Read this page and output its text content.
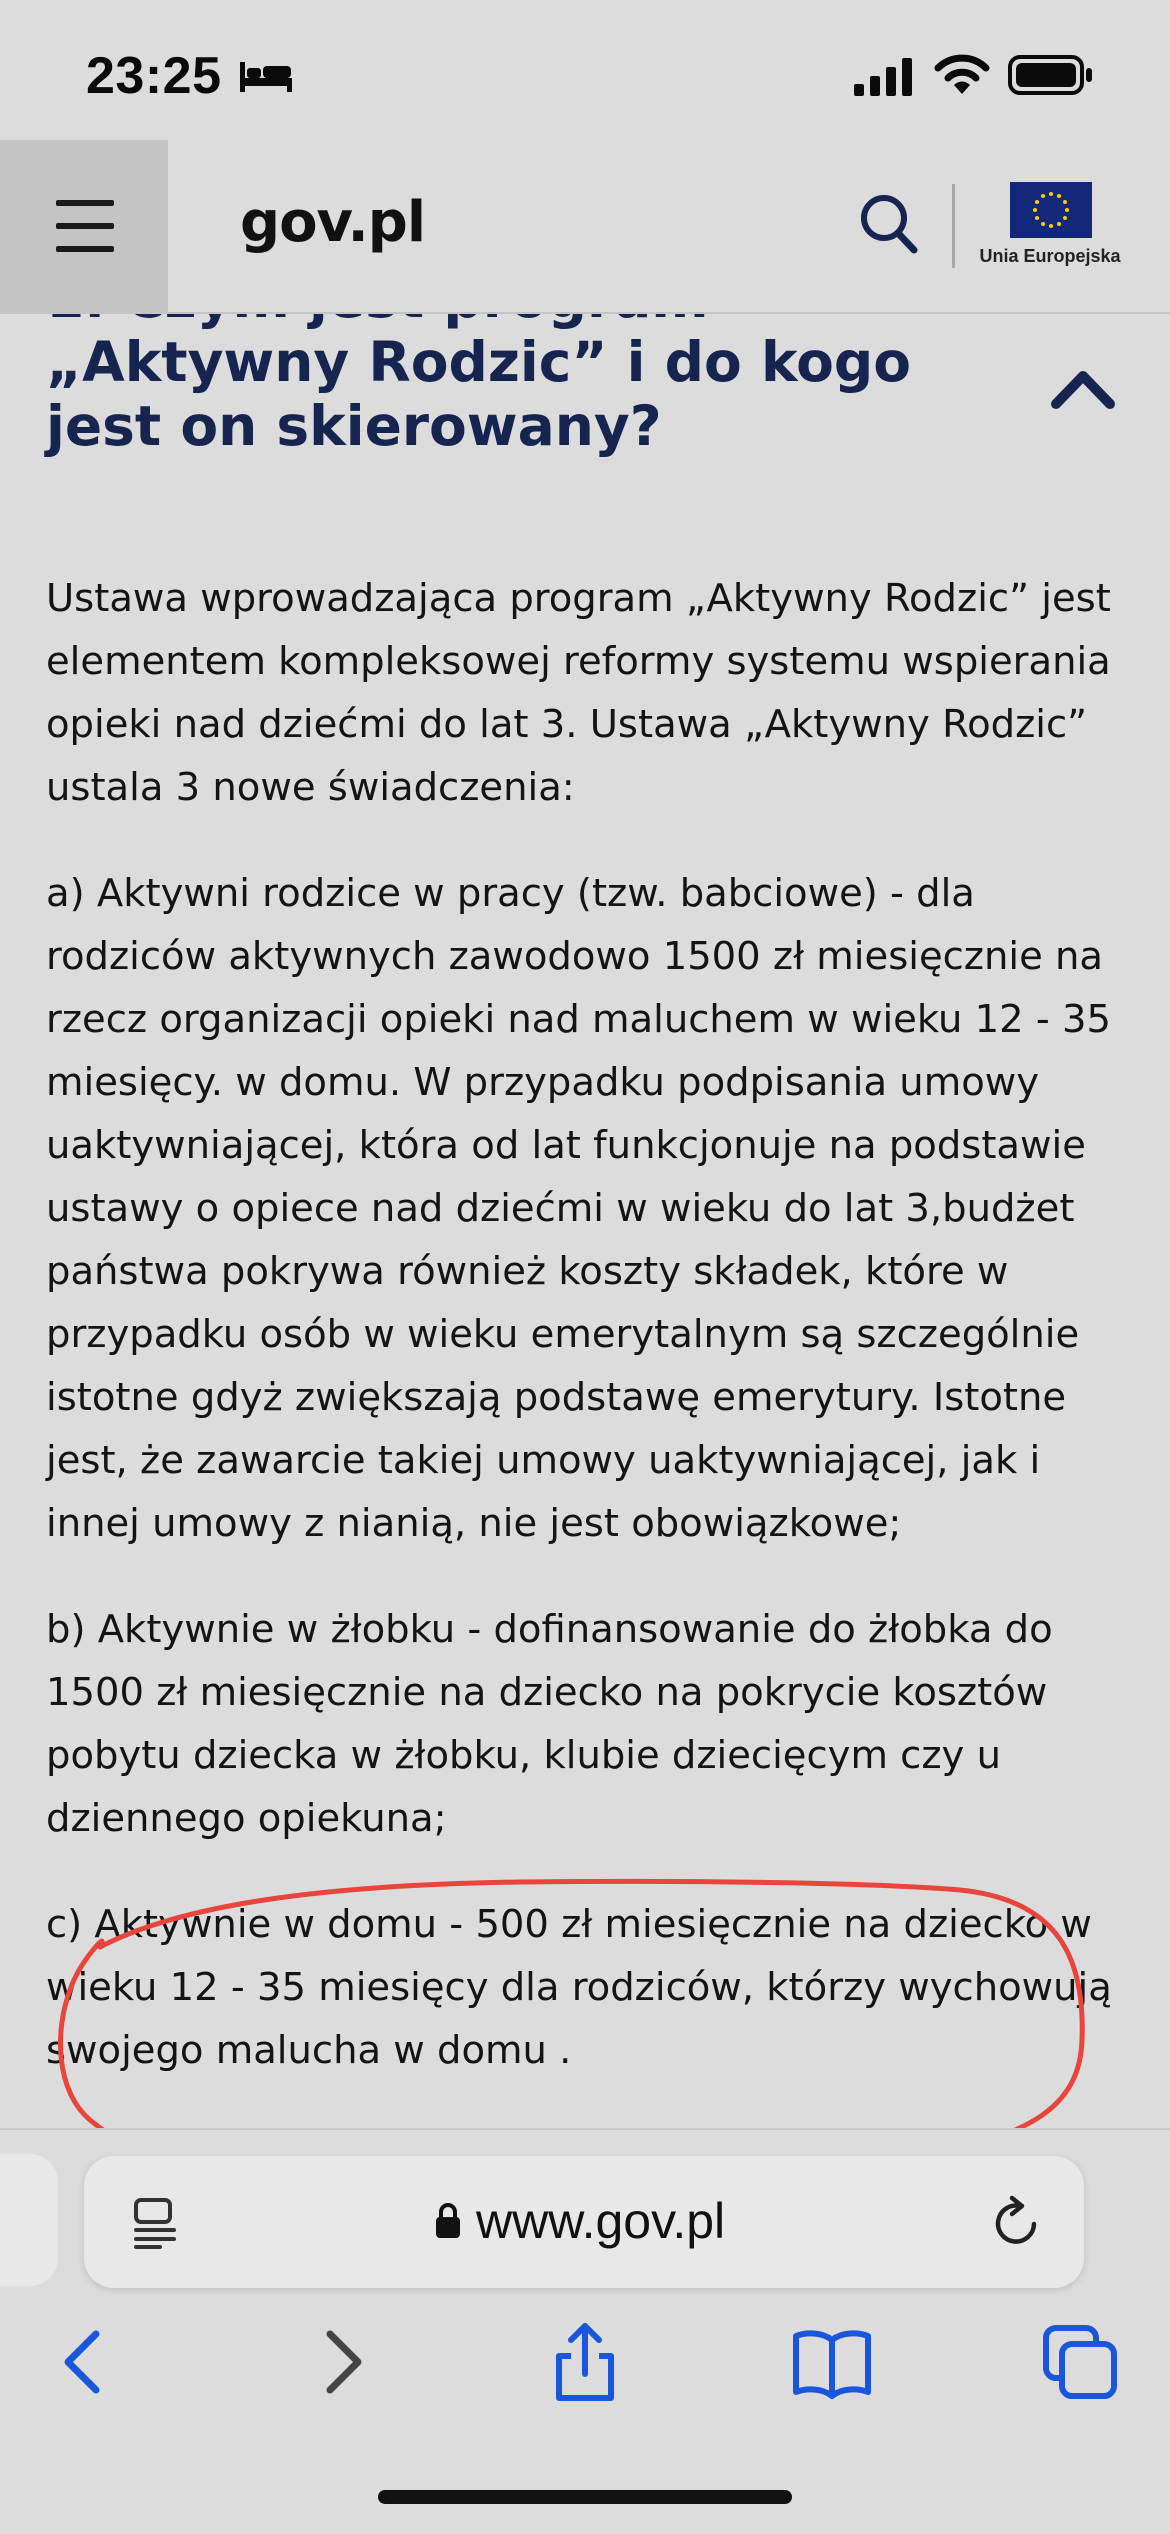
23:25
gov.pl
Unia Europejska
„Aktywny Rodzic” i do kogo jest on skierowany?

Ustawa wprowadzająca program „Aktywny Rodzic” jest elementem kompleksowej reformy systemu wspierania opieki nad dziećmi do lat 3. Ustawa „Aktywny Rodzic” ustala 3 nowe świadczenia:

a) Aktywni rodzice w pracy (tzw. babciowe) - dla rodziców aktywnych zawodowo 1500 zł miesięcznie na rzecz organizacji opieki nad maluchem w wieku 12 - 35 miesięcy. w domu. W przypadku podpisania umowy uaktywniającej, która od lat funkcjonuje na podstawie ustawy o opiece nad dziećmi w wieku do lat 3,budżet państwa pokrywa również koszty składek, które w przypadku osób w wieku emerytalnym są szczególnie istotne gdyż zwiększają podstawę emerytury. Istotne jest, że zawarcie takiej umowy uaktywniającej, jak i innej umowy z nianią, nie jest obowiązkowe;

b) Aktywnie w żłobku - dofinansowanie do żłobka do 1500 zł miesięcznie na dziecko na pokrycie kosztów pobytu dziecka w żłobku, klubie dziecięcym czy u dziennego opiekuna;

c) Aktywnie w domu - 500 zł miesięcznie na dziecko w wieku 12 - 35 miesięcy dla rodziców, którzy wychowują swojego malucha w domu .

www.gov.pl
